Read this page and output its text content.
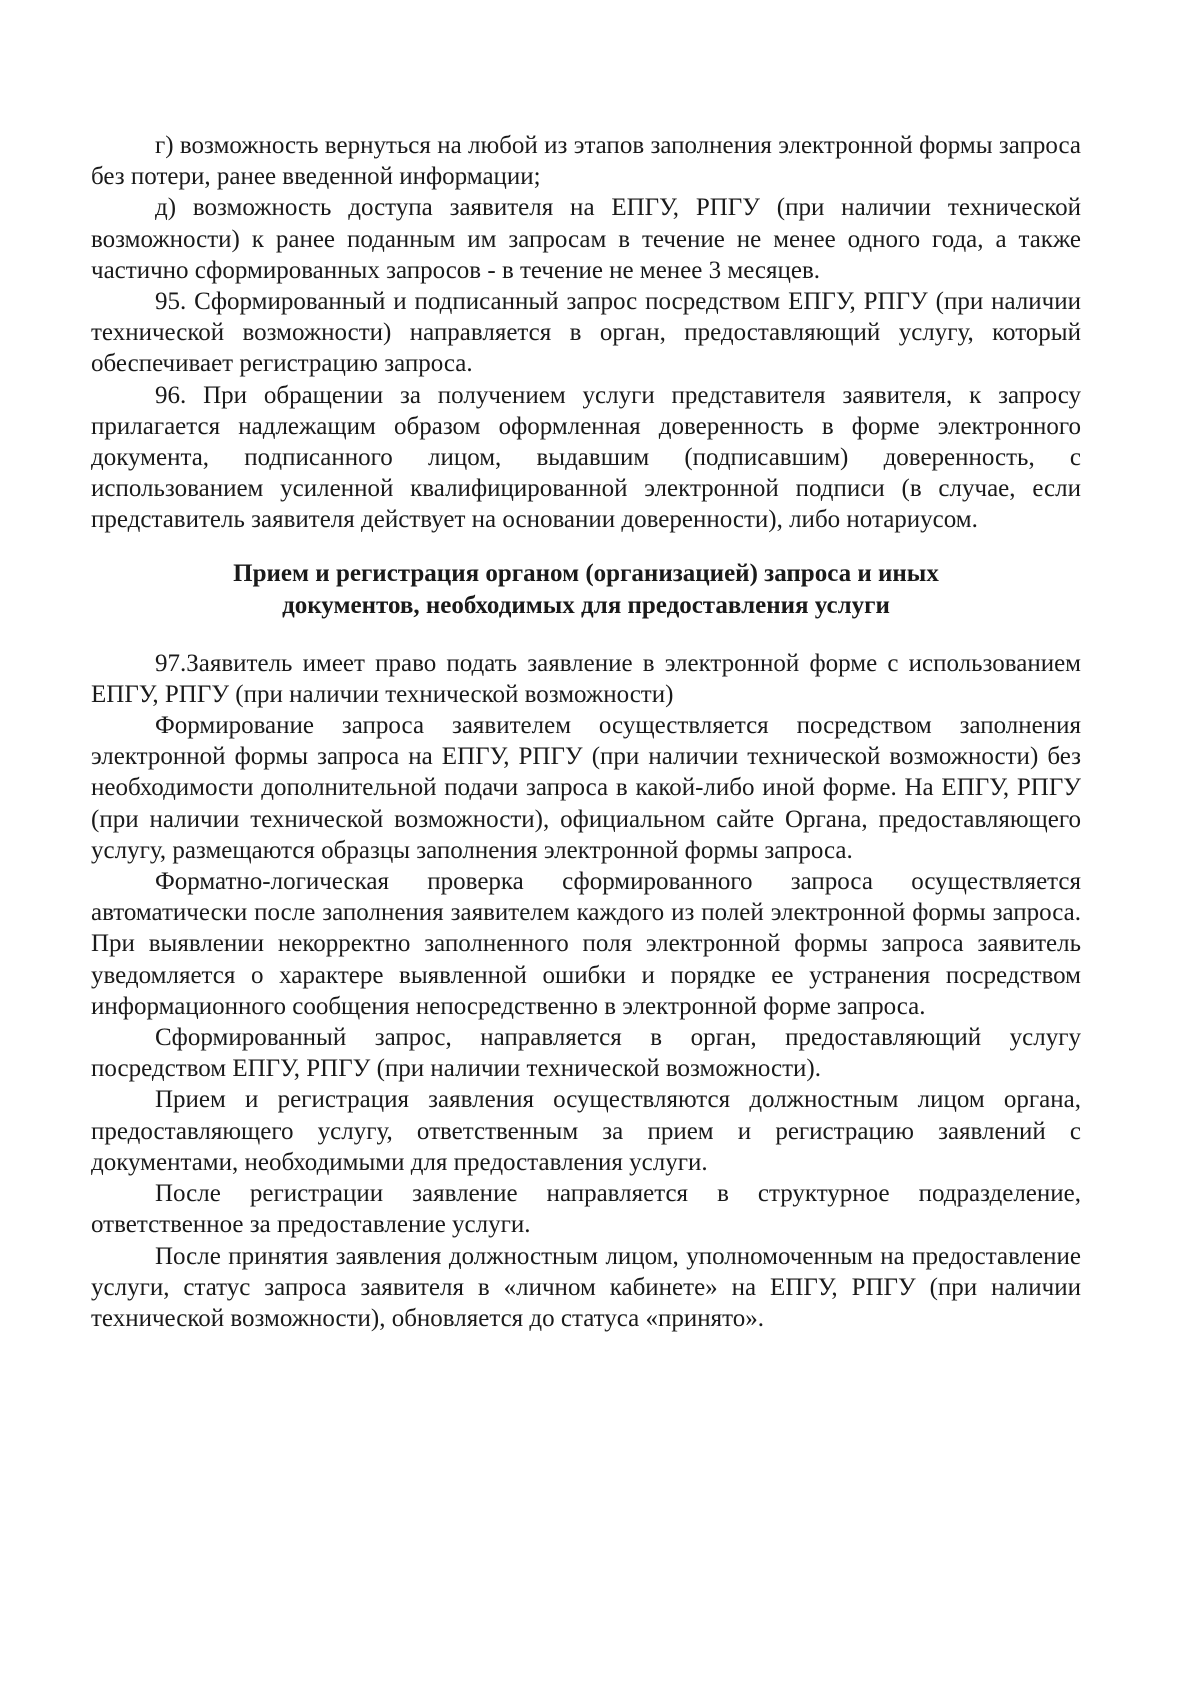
г) возможность вернуться на любой из этапов заполнения электронной формы запроса без потери, ранее введенной информации;

д) возможность доступа заявителя на ЕПГУ, РПГУ (при наличии технической возможности) к ранее поданным им запросам в течение не менее одного года, а также частично сформированных запросов - в течение не менее 3 месяцев.

95. Сформированный и подписанный запрос посредством ЕПГУ, РПГУ (при наличии технической возможности) направляется в орган, предоставляющий услугу, который обеспечивает регистрацию запроса.

96. При обращении за получением услуги представителя заявителя, к запросу прилагается надлежащим образом оформленная доверенность в форме электронного документа, подписанного лицом, выдавшим (подписавшим) доверенность, с использованием усиленной квалифицированной электронной подписи (в случае, если представитель заявителя действует на основании доверенности), либо нотариусом.

Прием и регистрация органом (организацией) запроса и иных
документов, необходимых для предоставления услуги

97.Заявитель имеет право подать заявление в электронной форме с использованием ЕПГУ, РПГУ (при наличии технической возможности)

Формирование запроса заявителем осуществляется посредством заполнения электронной формы запроса на ЕПГУ, РПГУ (при наличии технической возможности) без необходимости дополнительной подачи запроса в какой-либо иной форме. На ЕПГУ, РПГУ (при наличии технической возможности), официальном сайте Органа, предоставляющего услугу, размещаются образцы заполнения электронной формы запроса.

Форматно-логическая проверка сформированного запроса осуществляется автоматически после заполнения заявителем каждого из полей электронной формы запроса. При выявлении некорректно заполненного поля электронной формы запроса заявитель уведомляется о характере выявленной ошибки и порядке ее устранения посредством информационного сообщения непосредственно в электронной форме запроса.

Сформированный запрос, направляется в орган, предоставляющий услугу посредством ЕПГУ, РПГУ (при наличии технической возможности).

Прием и регистрация заявления осуществляются должностным лицом органа, предоставляющего услугу, ответственным за прием и регистрацию заявлений с документами, необходимыми для предоставления услуги.

После регистрации заявление направляется в структурное подразделение, ответственное за предоставление услуги.

После принятия заявления должностным лицом, уполномоченным на предоставление услуги, статус запроса заявителя в «личном кабинете» на ЕПГУ, РПГУ (при наличии технической возможности), обновляется до статуса «принято».
